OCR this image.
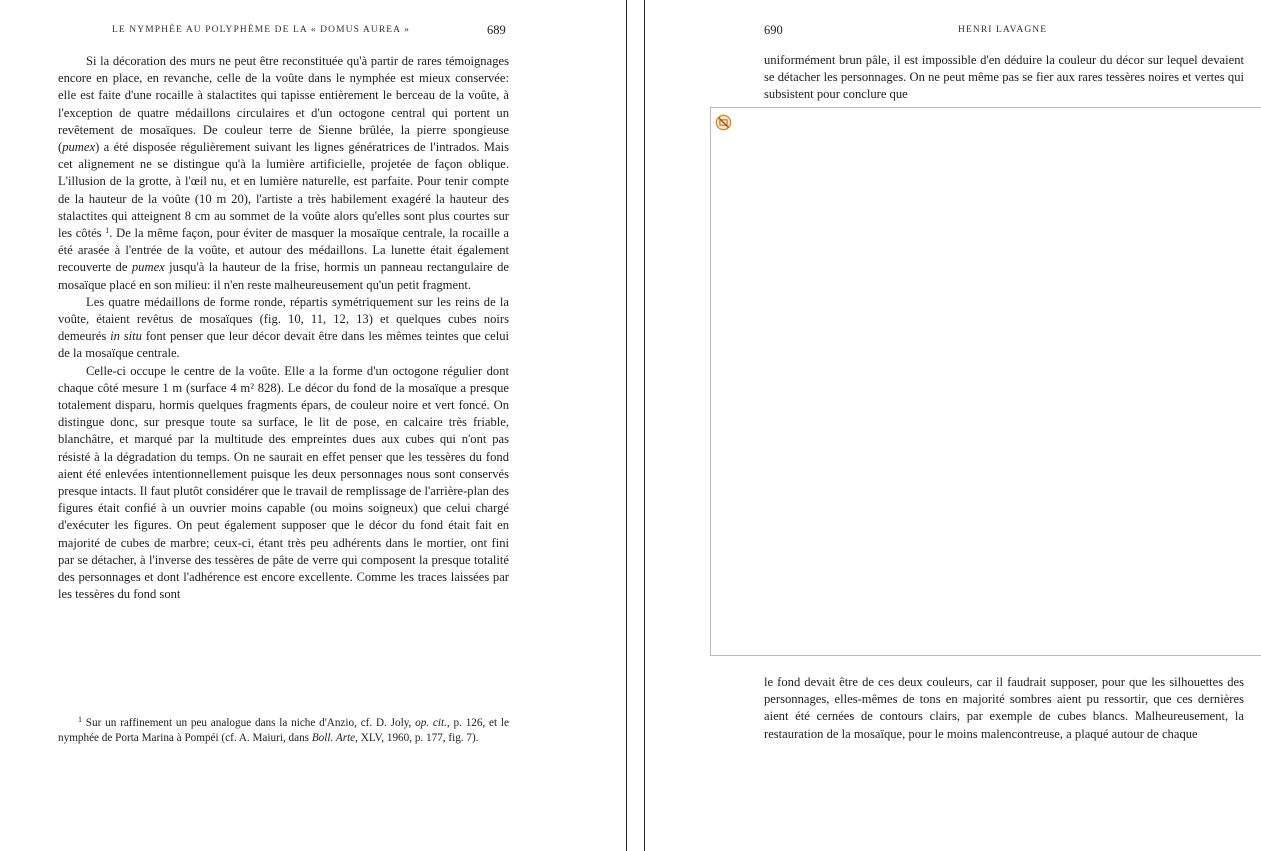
LE NYMPHÉE AU POLYPHÈME DE LA « DOMUS AUREA »	689

Si la décoration des murs ne peut être reconstituée qu'à partir de rares témoignages encore en place, en revanche, celle de la voûte dans le nymphée est mieux conservée: elle est faite d'une rocaille à stalactites qui tapisse entièrement le berceau de la voûte, à l'exception de quatre médaillons circulaires et d'un octogone central qui portent un revêtement de mosaïques. De couleur terre de Sienne brûlée, la pierre spongieuse (pumex) a été disposée régulièrement suivant les lignes génératrices de l'intrados. Mais cet alignement ne se distingue qu'à la lumière artificielle, projetée de façon oblique. L'illusion de la grotte, à l'œil nu, et en lumière naturelle, est parfaite. Pour tenir compte de la hauteur de la voûte (10 m 20), l'artiste a très habilement exagéré la hauteur des stalactites qui atteignent 8 cm au sommet de la voûte alors qu'elles sont plus courtes sur les côtés $^1$. De la même façon, pour éviter de masquer la mosaïque centrale, la rocaille a été arasée à l'entrée de la voûte, et autour des médaillons. La lunette était également recouverte de pumex jusqu'à la hauteur de la frise, hormis un panneau rectangulaire de mosaïque placé en son milieu: il n'en reste malheureusement qu'un petit fragment.

Les quatre médaillons de forme ronde, répartis symétriquement sur les reins de la voûte, étaient revêtus de mosaïques (fig. 10, 11, 12, 13) et quelques cubes noirs demeurés in situ font penser que leur décor devait être dans les mêmes teintes que celui de la mosaïque centrale.

Celle-ci occupe le centre de la voûte. Elle a la forme d'un octogone régulier dont chaque côté mesure 1 m (surface 4 m² 828). Le décor du fond de la mosaïque a presque totalement disparu, hormis quelques fragments épars, de couleur noire et vert foncé. On distingue donc, sur presque toute sa surface, le lit de pose, en calcaire très friable, blanchâtre, et marqué par la multitude des empreintes dues aux cubes qui n'ont pas résisté à la dégradation du temps. On ne saurait en effet penser que les tessères du fond aient été enlevées intentionnellement puisque les deux personnages nous sont conservés presque intacts. Il faut plutôt considérer que le travail de remplissage de l'arrière-plan des figures était confié à un ouvrier moins capable (ou moins soigneux) que celui chargé d'exécuter les figures. On peut également supposer que le décor du fond était fait en majorité de cubes de marbre; ceux-ci, étant très peu adhérents dans le mortier, ont fini par se détacher, à l'inverse des tessères de pâte de verre qui composent la presque totalité des personnages et dont l'adhérence est encore excellente. Comme les traces laissées par les tessères du fond sont

$^1$ Sur un raffinement un peu analogue dans la niche d'Anzio, cf. D. Joly, op. cit., p. 126, et le nymphée de Porta Marina à Pompéi (cf. A. Maiuri, dans Boll. Arte, XLV, 1960, p. 177, fig. 7).

690	HENRI LAVAGNE

uniformément brun pâle, il est impossible d'en déduire la couleur du décor sur lequel devaient se détacher les personnages. On ne peut même pas se fier aux rares tessères noires et vertes qui subsistent pour conclure que

le fond devait être de ces deux couleurs, car il faudrait supposer, pour que les silhouettes des personnages, elles-mêmes de tons en majorité sombres aient pu ressortir, que ces dernières aient été cernées de contours clairs, par exemple de cubes blancs. Malheureusement, la restauration de la mosaïque, pour le moins malencontreuse, a plaqué autour de chaque
